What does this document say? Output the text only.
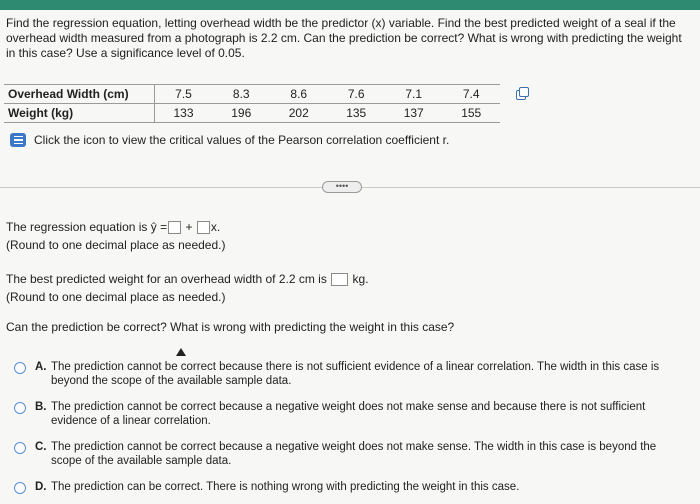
Find the regression equation, letting overhead width be the predictor (x) variable. Find the best predicted weight of a seal if the overhead width measured from a photograph is 2.2 cm. Can the prediction be correct? What is wrong with predicting the weight in this case? Use a significance level of 0.05.
Overhead Width (cm)	7.5	8.3	8.6	7.6	7.1	7.4
Weight (kg)	133	196	202	135	137	155
Click the icon to view the critical values of the Pearson correlation coefficient r.
••••
The regression equation is ŷ = + x.
(Round to one decimal place as needed.)
The best predicted weight for an overhead width of 2.2 cm is kg.
(Round to one decimal place as needed.)
Can the prediction be correct? What is wrong with predicting the weight in this case?
A. The prediction cannot be correct because there is not sufficient evidence of a linear correlation. The width in this case is beyond the scope of the available sample data.
B. The prediction cannot be correct because a negative weight does not make sense and because there is not sufficient evidence of a linear correlation.
C. The prediction cannot be correct because a negative weight does not make sense. The width in this case is beyond the scope of the available sample data.
D. The prediction can be correct. There is nothing wrong with predicting the weight in this case.
